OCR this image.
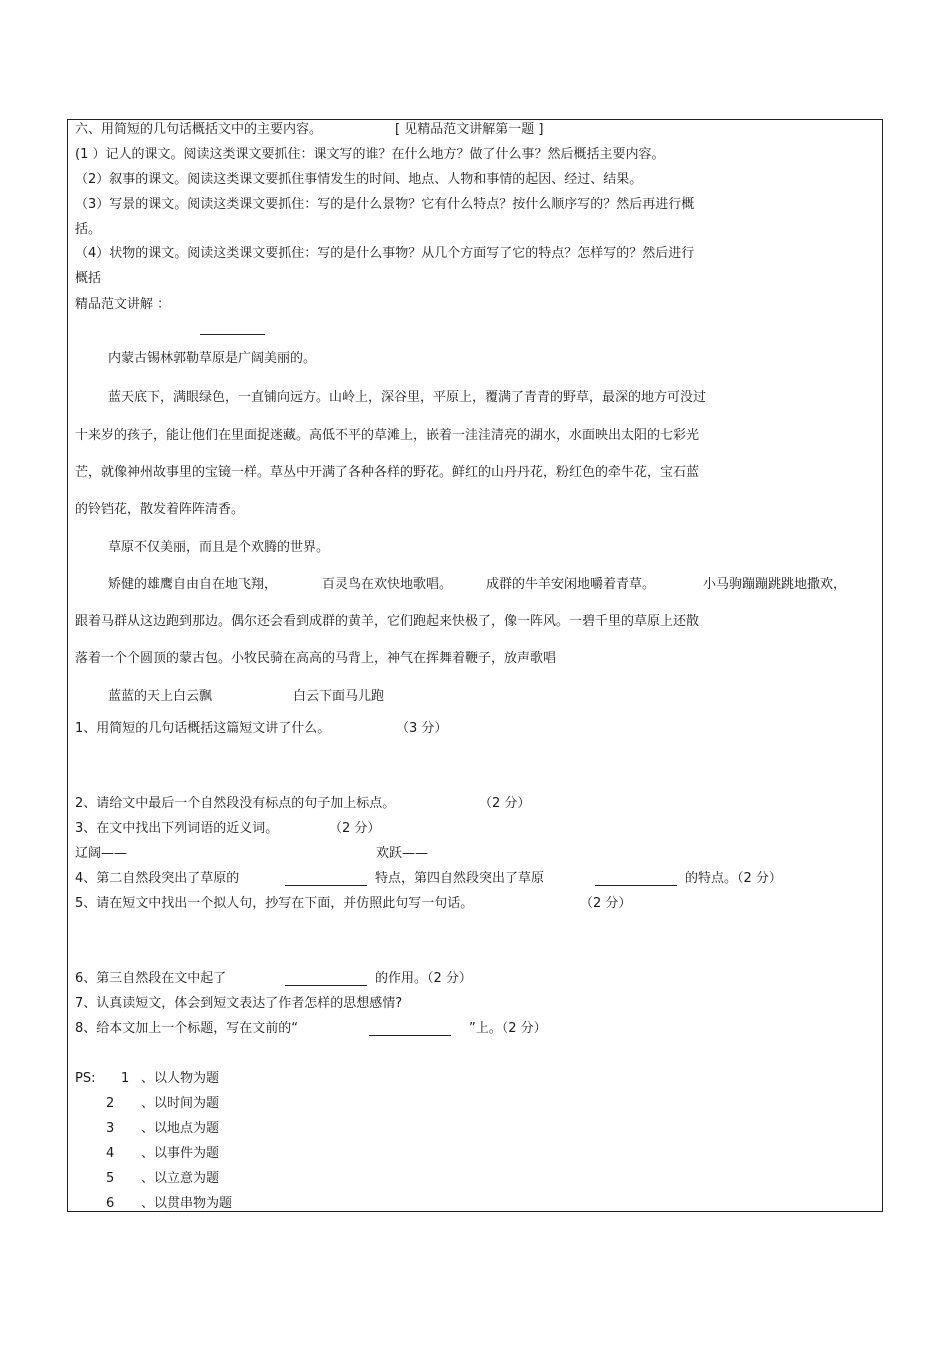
六、用简短的几句话概括文中的主要内容。	[ 见精品范文讲解第一题 ]
(1 ）记人的课文。阅读这类课文要抓住：课文写的谁？在什么地方？做了什么事？然后概括主要内容。
（2）叙事的课文。阅读这类课文要抓住事情发生的时间、地点、人物和事情的起因、经过、结果。
（3）写景的课文。阅读这类课文要抓住：写的是什么景物？它有什么特点？按什么顺序写的？然后再进行概
括。
（4）状物的课文。阅读这类课文要抓住：写的是什么事物？从几个方面写了它的特点？怎样写的？然后进行
概括
精品范文讲解 ：
内蒙古锡林郭勒草原是广阔美丽的。
蓝天底下，满眼绿色，一直铺向远方。山岭上，深谷里，平原上，覆满了青青的野草，最深的地方可没过
十来岁的孩子，能让他们在里面捉迷藏。高低不平的草滩上，嵌着一洼洼清亮的湖水，水面映出太阳的七彩光
芒，就像神州故事里的宝镜一样。草丛中开满了各种各样的野花。鲜红的山丹丹花，粉红色的牵牛花，宝石蓝
的铃铛花，散发着阵阵清香。
草原不仅美丽，而且是个欢腾的世界。
矫健的雄鹰自由自在地飞翔，	百灵鸟在欢快地歌唱。	成群的牛羊安闲地嚼着青草。	小马驹蹦蹦跳跳地撒欢，
跟着马群从这边跑到那边。偶尔还会看到成群的黄羊，它们跑起来快极了，像一阵风。一碧千里的草原上还散
落着一个个圆顶的蒙古包。小牧民骑在高高的马背上，神气在挥舞着鞭子，放声歌唱
蓝蓝的天上白云飘	白云下面马儿跑
1、用简短的几句话概括这篇短文讲了什么。	（3 分）
2、请给文中最后一个自然段没有标点的句子加上标点。	（2 分）
3、在文中找出下列词语的近义词。	（2 分）
辽阔——	欢跃——
4、第二自然段突出了草原的	特点，第四自然段突出了草原	的特点。（2 分）
5、请在短文中找出一个拟人句，抄写在下面，并仿照此句写一句话。	（2 分）
6、第三自然段在文中起了	的作用。（2 分）
7、认真读短文，体会到短文表达了作者怎样的思想感情?
8、给本文加上一个标题，写在文前的“	”上。（2 分）
PS: 1 、以人物为题
2 、以时间为题
3 、以地点为题
4 、以事件为题
5 、以立意为题
6 、以贯串物为题
